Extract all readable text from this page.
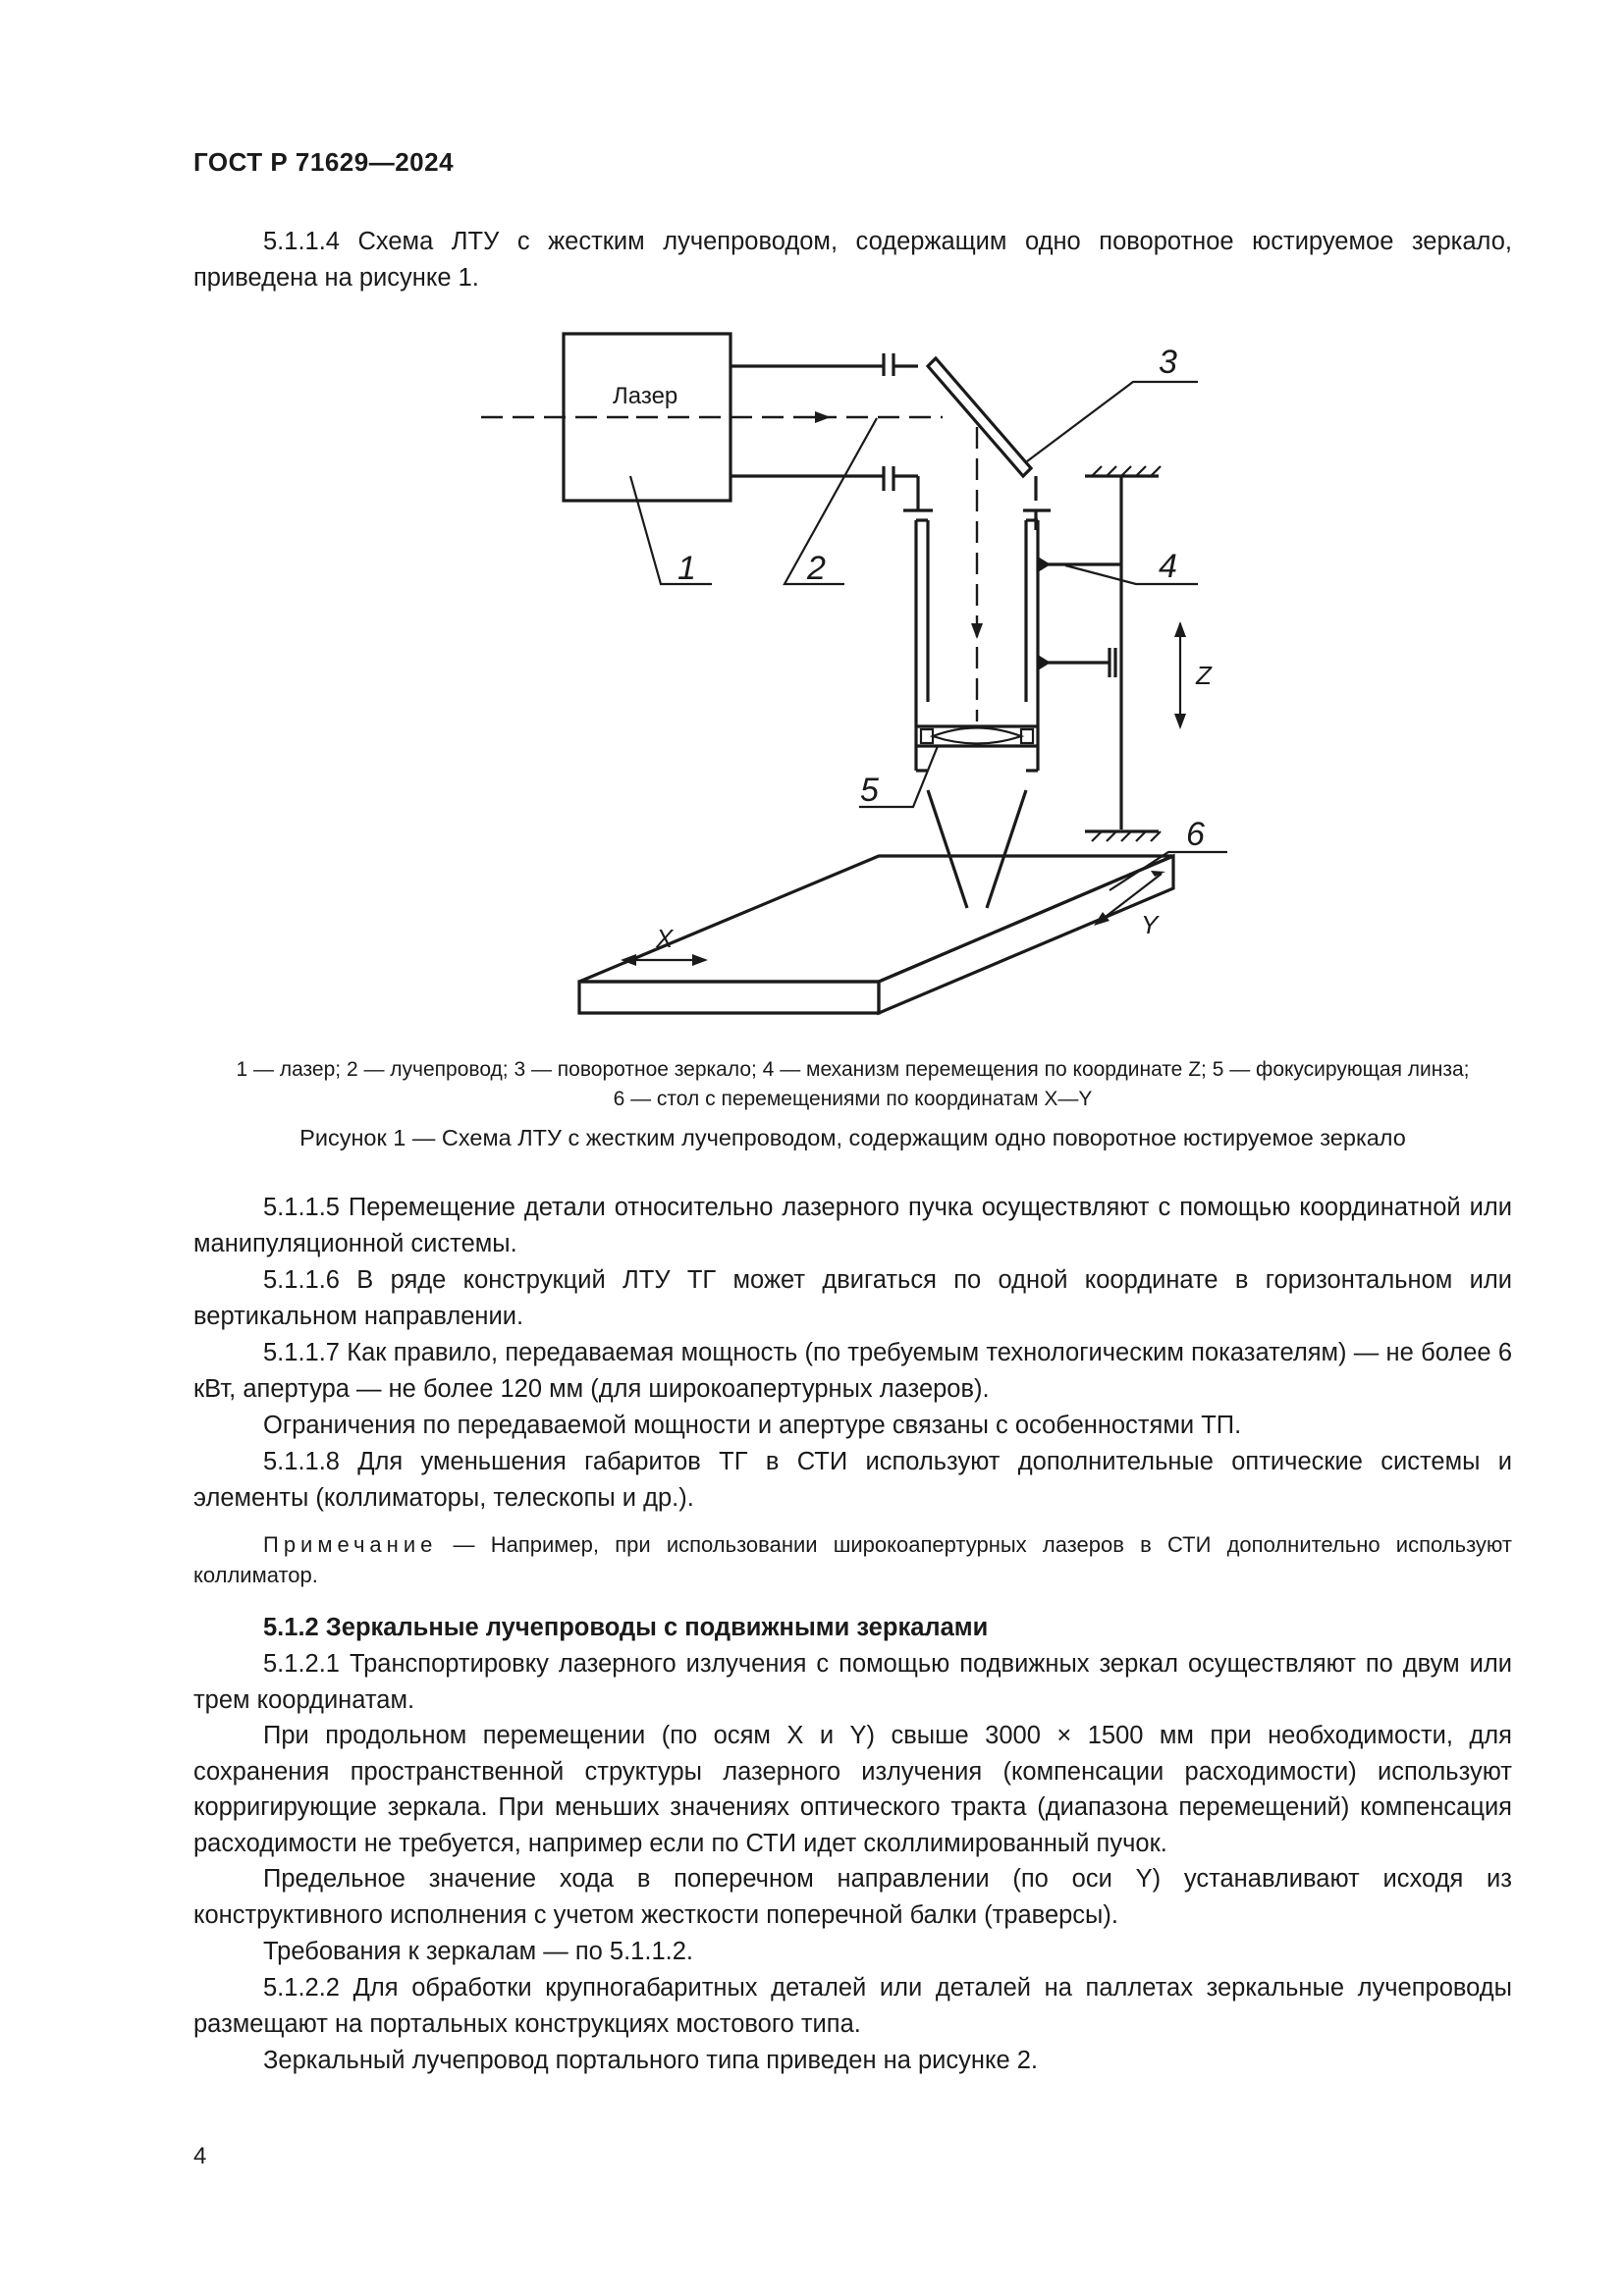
ГОСТ Р 71629—2024

5.1.1.4 Схема ЛТУ с жестким лучепроводом, содержащим одно поворотное юстируемое зеркало, приведена на рисунке 1.

Лазер
Z
X	Y
1	2
3
4
5
6
1 — лазер; 2 — лучепровод; 3 — поворотное зеркало; 4 — механизм перемещения по координате Z; 5 — фокусирующая линза;
6 — стол с перемещениями по координатам X—Y
Рисунок 1 — Схема ЛТУ с жестким лучепроводом, содержащим одно поворотное юстируемое зеркало

5.1.1.5 Перемещение детали относительно лазерного пучка осуществляют с помощью координатной или манипуляционной системы.

5.1.1.6 В ряде конструкций ЛТУ ТГ может двигаться по одной координате в горизонтальном или вертикальном направлении.

5.1.1.7 Как правило, передаваемая мощность (по требуемым технологическим показателям) — не более 6 кВт, апертура — не более 120 мм (для широкоапертурных лазеров).

Ограничения по передаваемой мощности и апертуре связаны с особенностями ТП.

5.1.1.8 Для уменьшения габаритов ТГ в СТИ используют дополнительные оптические системы и элементы (коллиматоры, телескопы и др.).

Примечание — Например, при использовании широкоапертурных лазеров в СТИ дополнительно используют коллиматор.

5.1.2 Зеркальные лучепроводы с подвижными зеркалами

5.1.2.1 Транспортировку лазерного излучения с помощью подвижных зеркал осуществляют по двум или трем координатам.

При продольном перемещении (по осям X и Y) свыше 3000 × 1500 мм при необходимости, для сохранения пространственной структуры лазерного излучения (компенсации расходимости) используют корригирующие зеркала. При меньших значениях оптического тракта (диапазона перемещений) компенсация расходимости не требуется, например если по СТИ идет сколлимированный пучок.

Предельное значение хода в поперечном направлении (по оси Y) устанавливают исходя из конструктивного исполнения с учетом жесткости поперечной балки (траверсы).

Требования к зеркалам — по 5.1.1.2.

5.1.2.2 Для обработки крупногабаритных деталей или деталей на паллетах зеркальные лучепроводы размещают на портальных конструкциях мостового типа.

Зеркальный лучепровод портального типа приведен на рисунке 2.

4
